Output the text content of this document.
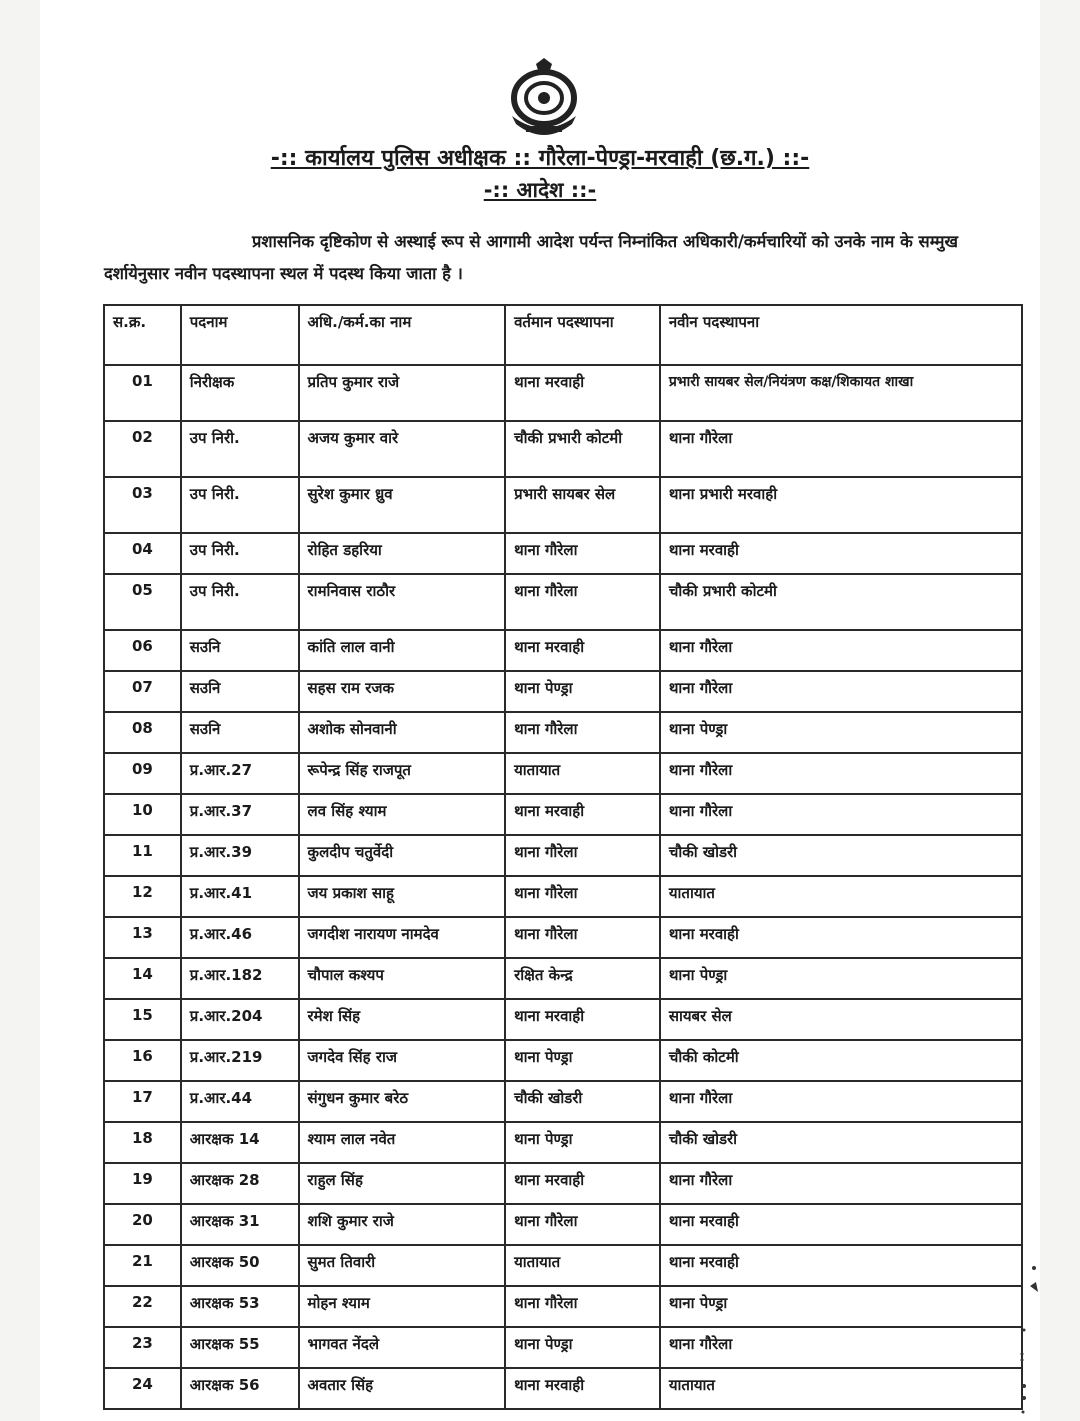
-:: कार्यालय पुलिस अधीक्षक :: गौरेला-पेण्ड्रा-मरवाही (छ.ग.) ::-
-:: आदेश ::-
प्रशासनिक दृष्टिकोण से अस्थाई रूप से आगामी आदेश पर्यन्त निम्नांकित अधिकारी/कर्मचारियों को उनके नाम के सम्मुख दर्शायेनुसार नवीन पदस्थापना स्थल में पदस्थ किया जाता है ।
स.क्र.	पदनाम	अधि./कर्म.का नाम	वर्तमान पदस्थापना	नवीन पदस्थापना
01	निरीक्षक	प्रतिप कुमार राजे	थाना मरवाही	प्रभारी सायबर सेल/नियंत्रण कक्ष/शिकायत शाखा
02	उप निरी.	अजय कुमार वारे	चौकी प्रभारी कोटमी	थाना गौरेला
03	उप निरी.	सुरेश कुमार ध्रुव	प्रभारी सायबर सेल	थाना प्रभारी मरवाही
04	उप निरी.	रोहित डहरिया	थाना गौरेला	थाना मरवाही
05	उप निरी.	रामनिवास राठौर	थाना गौरेला	चौकी प्रभारी कोटमी
06	सउनि	कांति लाल वानी	थाना मरवाही	थाना गौरेला
07	सउनि	सहस राम रजक	थाना पेण्ड्रा	थाना गौरेला
08	सउनि	अशोक सोनवानी	थाना गौरेला	थाना पेण्ड्रा
09	प्र.आर.27	रूपेन्द्र सिंह राजपूत	यातायात	थाना गौरेला
10	प्र.आर.37	लव सिंह श्याम	थाना मरवाही	थाना गौरेला
11	प्र.आर.39	कुलदीप चतुर्वेदी	थाना गौरेला	चौकी खोडरी
12	प्र.आर.41	जय प्रकाश साहू	थाना गौरेला	यातायात
13	प्र.आर.46	जगदीश नारायण नामदेव	थाना गौरेला	थाना मरवाही
14	प्र.आर.182	चौपाल कश्यप	रक्षित केन्द्र	थाना पेण्ड्रा
15	प्र.आर.204	रमेश सिंह	थाना मरवाही	सायबर सेल
16	प्र.आर.219	जगदेव सिंह राज	थाना पेण्ड्रा	चौकी कोटमी
17	प्र.आर.44	संगुधन कुमार बरेठ	चौकी खोडरी	थाना गौरेला
18	आरक्षक 14	श्याम लाल नवेत	थाना पेण्ड्रा	चौकी खोडरी
19	आरक्षक 28	राहुल सिंह	थाना मरवाही	थाना गौरेला
20	आरक्षक 31	शशि कुमार राजे	थाना गौरेला	थाना मरवाही
21	आरक्षक 50	सुमत तिवारी	यातायात	थाना मरवाही
22	आरक्षक 53	मोहन श्याम	थाना गौरेला	थाना पेण्ड्रा
23	आरक्षक 55	भागवत नेंदले	थाना पेण्ड्रा	थाना गौरेला
24	आरक्षक 56	अवतार सिंह	थाना मरवाही	यातायात
